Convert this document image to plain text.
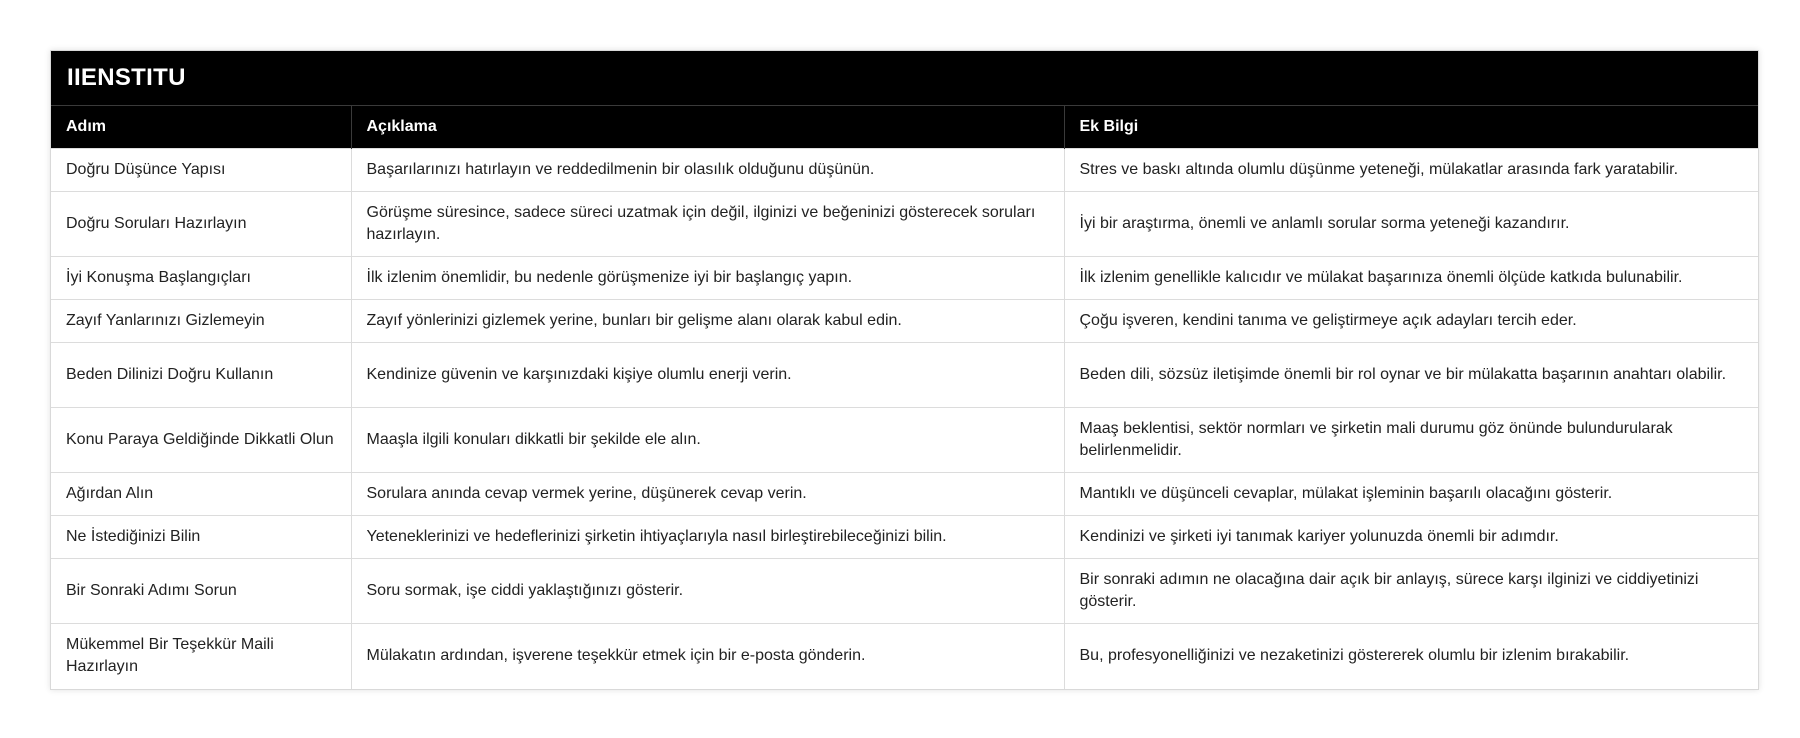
IIENSTITU
Adım	Açıklama	Ek Bilgi
Doğru Düşünce Yapısı	Başarılarınızı hatırlayın ve reddedilmenin bir olasılık olduğunu düşünün.	Stres ve baskı altında olumlu düşünme yeteneği, mülakatlar arasında fark yaratabilir.
Doğru Soruları Hazırlayın	Görüşme süresince, sadece süreci uzatmak için değil, ilginizi ve beğeninizi gösterecek soruları hazırlayın.	İyi bir araştırma, önemli ve anlamlı sorular sorma yeteneği kazandırır.
İyi Konuşma Başlangıçları	İlk izlenim önemlidir, bu nedenle görüşmenize iyi bir başlangıç yapın.	İlk izlenim genellikle kalıcıdır ve mülakat başarınıza önemli ölçüde katkıda bulunabilir.
Zayıf Yanlarınızı Gizlemeyin	Zayıf yönlerinizi gizlemek yerine, bunları bir gelişme alanı olarak kabul edin.	Çoğu işveren, kendini tanıma ve geliştirmeye açık adayları tercih eder.
Beden Dilinizi Doğru Kullanın	Kendinize güvenin ve karşınızdaki kişiye olumlu enerji verin.	Beden dili, sözsüz iletişimde önemli bir rol oynar ve bir mülakatta başarının anahtarı olabilir.
Konu Paraya Geldiğinde Dikkatli Olun	Maaşla ilgili konuları dikkatli bir şekilde ele alın.	Maaş beklentisi, sektör normları ve şirketin mali durumu göz önünde bulundurularak belirlenmelidir.
Ağırdan Alın	Sorulara anında cevap vermek yerine, düşünerek cevap verin.	Mantıklı ve düşünceli cevaplar, mülakat işleminin başarılı olacağını gösterir.
Ne İstediğinizi Bilin	Yeteneklerinizi ve hedeflerinizi şirketin ihtiyaçlarıyla nasıl birleştirebileceğinizi bilin.	Kendinizi ve şirketi iyi tanımak kariyer yolunuzda önemli bir adımdır.
Bir Sonraki Adımı Sorun	Soru sormak, işe ciddi yaklaştığınızı gösterir.	Bir sonraki adımın ne olacağına dair açık bir anlayış, sürece karşı ilginizi ve ciddiyetinizi gösterir.
Mükemmel Bir Teşekkür Maili Hazırlayın	Mülakatın ardından, işverene teşekkür etmek için bir e-posta gönderin.	Bu, profesyonelliğinizi ve nezaketinizi göstererek olumlu bir izlenim bırakabilir.
